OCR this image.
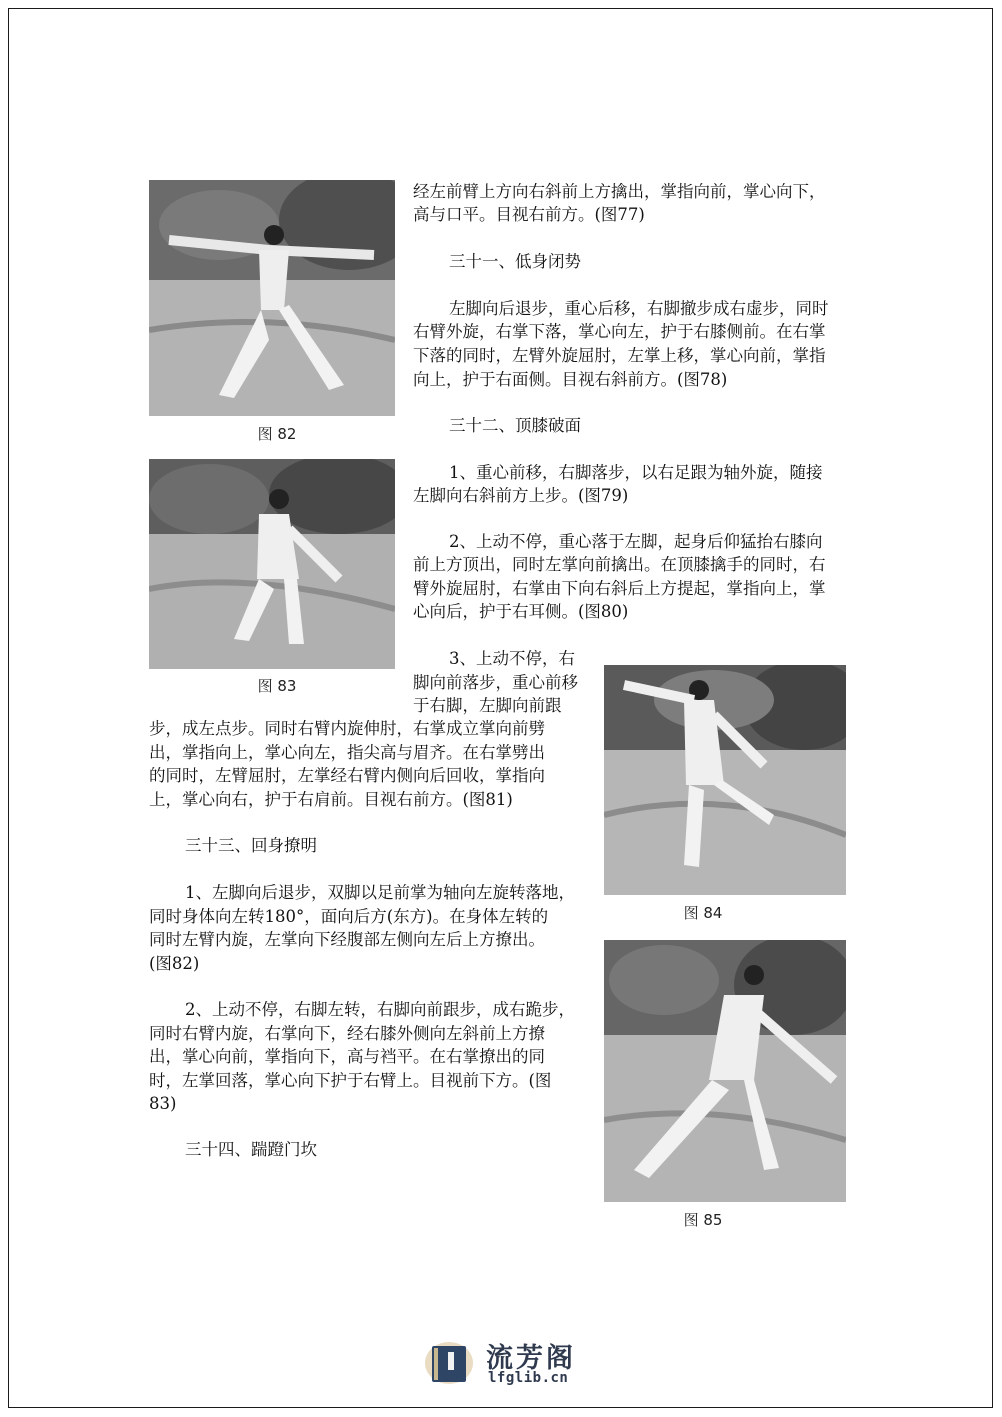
图 82
图 83
图 84
图 85

经左前臂上方向右斜前上方擒出，掌指向前，掌心向下，

高与口平。目视右前方。(图77)

三十一、低身闭势

左脚向后退步，重心后移，右脚撤步成右虚步，同时

右臂外旋，右掌下落，掌心向左，护于右膝侧前。在右掌

下落的同时，左臂外旋屈肘，左掌上移，掌心向前，掌指

向上，护于右面侧。目视右斜前方。(图78)

三十二、顶膝破面

1、重心前移，右脚落步，以右足跟为轴外旋，随接

左脚向右斜前方上步。(图79)

2、上动不停，重心落于左脚，起身后仰猛抬右膝向

前上方顶出，同时左掌向前擒出。在顶膝擒手的同时，右

臂外旋屈肘，右掌由下向右斜后上方提起，掌指向上，掌

心向后，护于右耳侧。(图80)

3、上动不停，右

脚向前落步，重心前移

于右脚，左脚向前跟

步，成左点步。同时右臂内旋伸肘，右掌成立掌向前劈

出，掌指向上，掌心向左，指尖高与眉齐。在右掌劈出

的同时，左臂屈肘，左掌经右臂内侧向后回收，掌指向

上，掌心向右，护于右肩前。目视右前方。(图81)

三十三、回身撩明

1、左脚向后退步，双脚以足前掌为轴向左旋转落地，

同时身体向左转180°，面向后方(东方)。在身体左转的

同时左臂内旋，左掌向下经腹部左侧向左后上方撩出。

(图82)

2、上动不停，右脚左转，右脚向前跟步，成右跪步，

同时右臂内旋，右掌向下，经右膝外侧向左斜前上方撩

出，掌心向前，掌指向下，高与裆平。在右掌撩出的同

时，左掌回落，掌心向下护于右臂上。目视前下方。(图

83)

三十四、踹蹬门坎

流芳阁
lfglib.cn
